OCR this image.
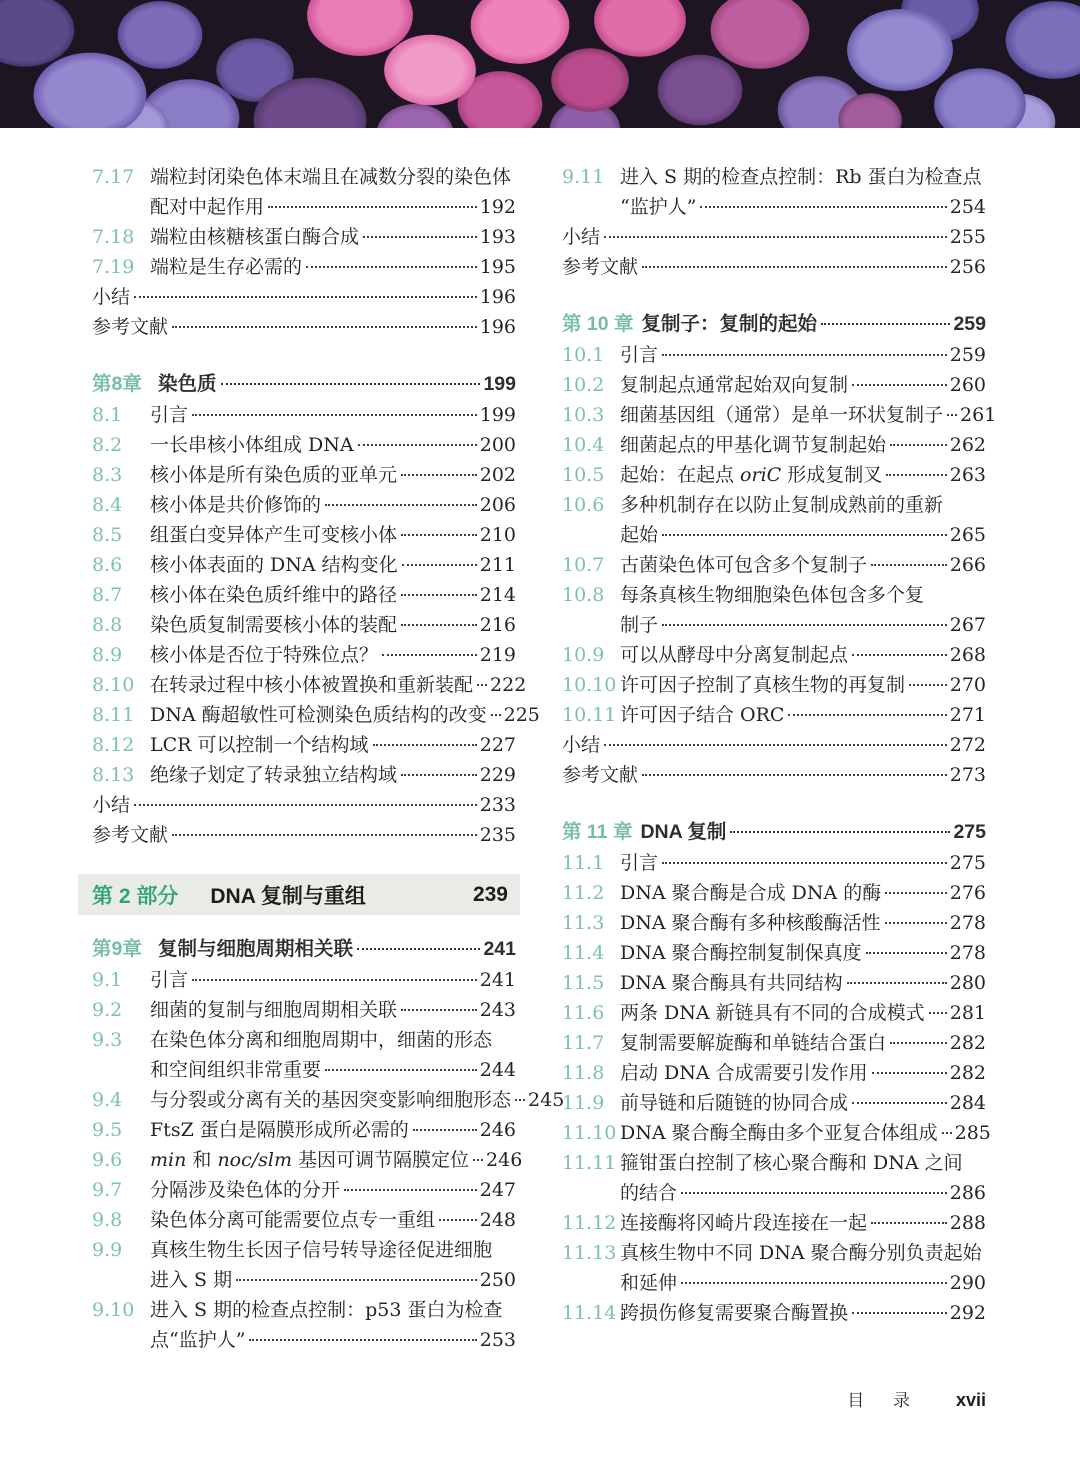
7.17 端粒封闭染色体末端且在减数分裂的染色体
配对中起作用	192
7.18 端粒由核糖核蛋白酶合成	193
7.19 端粒是生存必需的	195
小结	196
参考文献	196
第8章 染色质	199
8.1	引言	199
8.2	一长串核小体组成 DNA	200
8.3	核小体是所有染色质的亚单元	202
8.4	核小体是共价修饰的	206
8.5	组蛋白变异体产生可变核小体	210
8.6	核小体表面的 DNA 结构变化	211
8.7	核小体在染色质纤维中的路径	214
8.8	染色质复制需要核小体的装配	216
8.9	核小体是否位于特殊位点？	219
8.10 在转录过程中核小体被置换和重新装配 222
8.11 DNA 酶超敏性可检测染色质结构的改变 225
8.12 LCR 可以控制一个结构域	227
8.13 绝缘子划定了转录独立结构域	229
小结	233
参考文献	235
第 2 部分 DNA 复制与重组	239
第9章 复制与细胞周期相关联	241
9.1	引言	241
9.2	细菌的复制与细胞周期相关联	243
9.3	在染色体分离和细胞周期中，细菌的形态
和空间组织非常重要	244
9.4	与分裂或分离有关的基因突变影响细胞形态 245
9.5	FtsZ 蛋白是隔膜形成所必需的	246
9.6	min 和 noc/slm 基因可调节隔膜定位 246
9.7	分隔涉及染色体的分开	247
9.8	染色体分离可能需要位点专一重组 248
9.9	真核生物生长因子信号转导途径促进细胞
进入 S 期	250
9.10 进入 S 期的检查点控制：p53 蛋白为检查
点“监护人”	253
9.11 进入 S 期的检查点控制：Rb 蛋白为检查点
“监护人”	254
小结	255
参考文献	256
第 10 章 复制子：复制的起始	259
10.1 引言	259
10.2 复制起点通常起始双向复制	260
10.3 细菌基因组（通常）是单一环状复制子 261
10.4 细菌起点的甲基化调节复制起始	262
10.5 起始：在起点 oriC 形成复制叉	263
10.6 多种机制存在以防止复制成熟前的重新
起始	265
10.7 古菌染色体可包含多个复制子	266
10.8 每条真核生物细胞染色体包含多个复
制子	267
10.9 可以从酵母中分离复制起点	268
10.10 许可因子控制了真核生物的再复制 270
10.11 许可因子结合 ORC	271
小结	272
参考文献	273
第 11 章 DNA 复制	275
11.1 引言	275
11.2 DNA 聚合酶是合成 DNA 的酶	276
11.3 DNA 聚合酶有多种核酸酶活性	278
11.4 DNA 聚合酶控制复制保真度	278
11.5 DNA 聚合酶具有共同结构	280
11.6 两条 DNA 新链具有不同的合成模式 281
11.7 复制需要解旋酶和单链结合蛋白	282
11.8 启动 DNA 合成需要引发作用	282
11.9 前导链和后随链的协同合成	284
11.10 DNA 聚合酶全酶由多个亚复合体组成 285
11.11 箍钳蛋白控制了核心聚合酶和 DNA 之间
的结合	286
11.12 连接酶将冈崎片段连接在一起	288
11.13 真核生物中不同 DNA 聚合酶分别负责起始
和延伸	290
11.14 跨损伤修复需要聚合酶置换	292
目 录 xvii
